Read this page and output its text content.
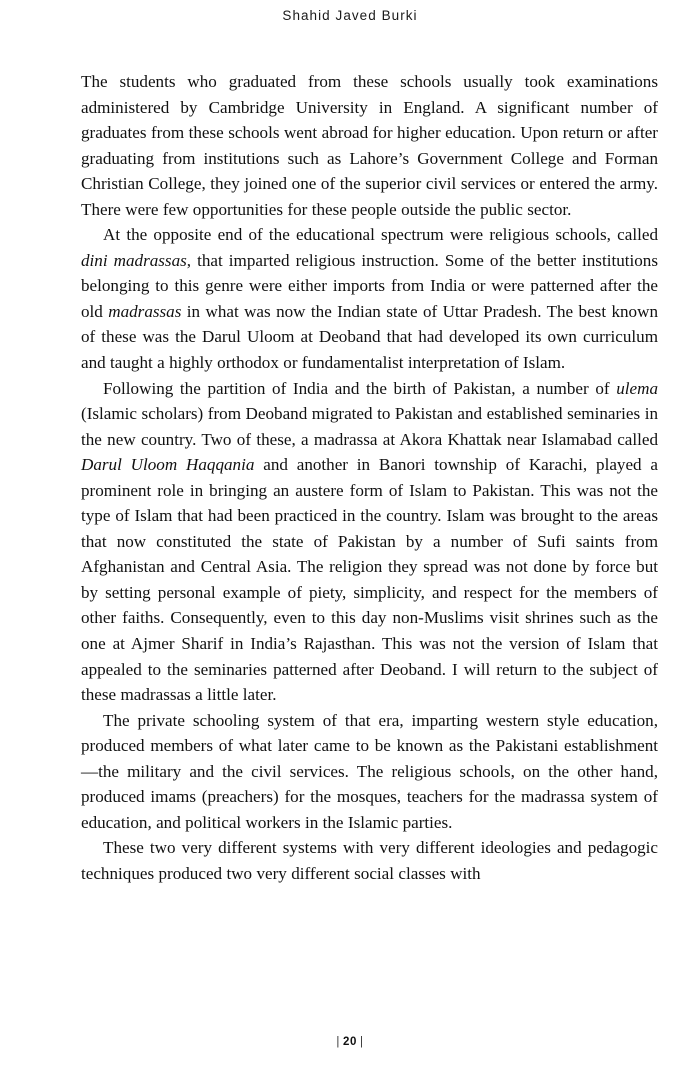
Shahid Javed Burki

The students who graduated from these schools usually took examinations administered by Cambridge University in England. A significant number of graduates from these schools went abroad for higher education. Upon return or after graduating from institutions such as Lahore’s Government College and Forman Christian College, they joined one of the superior civil services or entered the army. There were few opportunities for these people outside the public sector.

At the opposite end of the educational spectrum were religious schools, called dini madrassas, that imparted religious instruction. Some of the better institutions belonging to this genre were either imports from India or were patterned after the old madrassas in what was now the Indian state of Uttar Pradesh. The best known of these was the Darul Uloom at Deoband that had developed its own curriculum and taught a highly orthodox or fundamentalist interpretation of Islam.

Following the partition of India and the birth of Pakistan, a number of ulema (Islamic scholars) from Deoband migrated to Pakistan and established seminaries in the new country. Two of these, a madrassa at Akora Khattak near Islamabad called Darul Uloom Haqqania and another in Banori township of Karachi, played a prominent role in bringing an austere form of Islam to Pakistan. This was not the type of Islam that had been practiced in the country. Islam was brought to the areas that now constituted the state of Pakistan by a number of Sufi saints from Afghanistan and Central Asia. The religion they spread was not done by force but by setting personal example of piety, simplicity, and respect for the members of other faiths. Consequently, even to this day non-Muslims visit shrines such as the one at Ajmer Sharif in India’s Rajasthan. This was not the version of Islam that appealed to the seminaries patterned after Deoband. I will return to the subject of these madrassas a little later.

The private schooling system of that era, imparting western style education, produced members of what later came to be known as the Pakistani establishment—the military and the civil services. The religious schools, on the other hand, produced imams (preachers) for the mosques, teachers for the madrassa system of education, and political workers in the Islamic parties.

These two very different systems with very different ideologies and pedagogic techniques produced two very different social classes with

| 20 |
